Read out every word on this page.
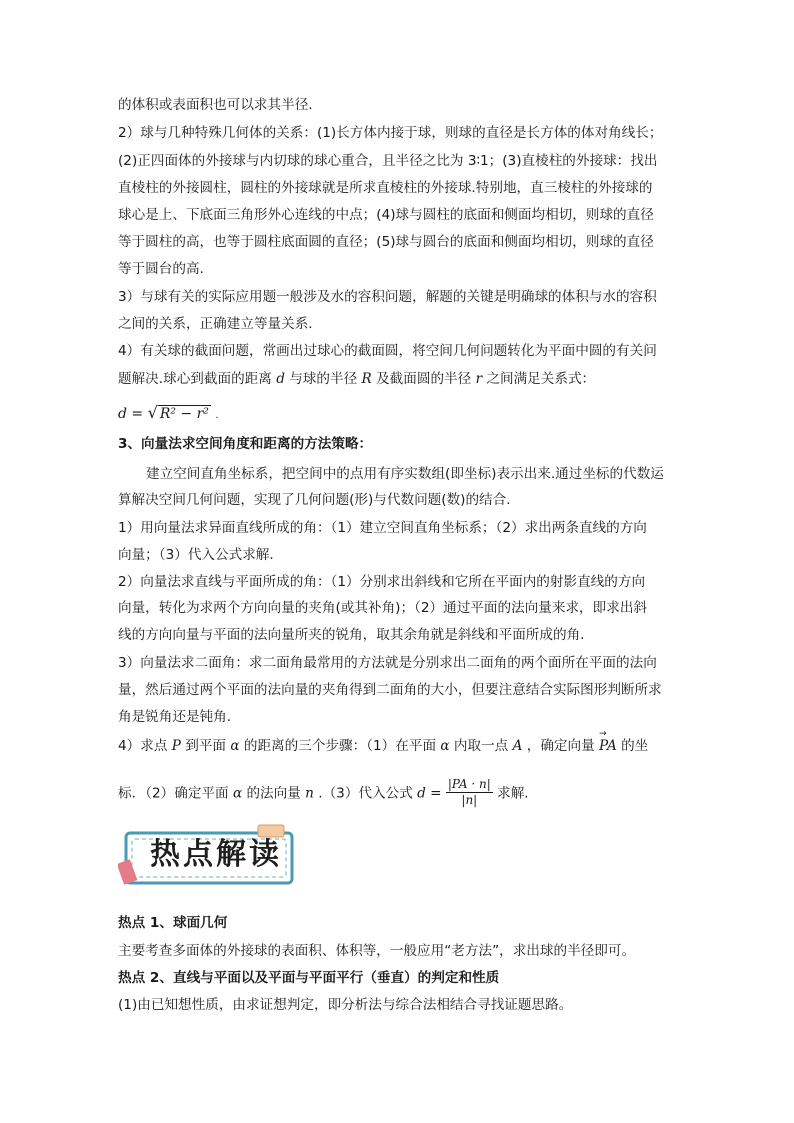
的体积或表面积也可以求其半径.
2）球与几种特殊几何体的关系：(1)长方体内接于球，则球的直径是长方体的体对角线长；
(2)正四面体的外接球与内切球的球心重合，且半径之比为 3∶1；(3)直棱柱的外接球：找出
直棱柱的外接圆柱，圆柱的外接球就是所求直棱柱的外接球.特别地，直三棱柱的外接球的
球心是上、下底面三角形外心连线的中点；(4)球与圆柱的底面和侧面均相切，则球的直径
等于圆柱的高，也等于圆柱底面圆的直径；(5)球与圆台的底面和侧面均相切，则球的直径
等于圆台的高.
3）与球有关的实际应用题一般涉及水的容积问题，解题的关键是明确球的体积与水的容积
之间的关系，正确建立等量关系.
4）有关球的截面问题，常画出过球心的截面圆，将空间几何问题转化为平面中圆的有关问
题解决.球心到截面的距离 d 与球的半径 R 及截面圆的半径 r 之间满足关系式：
d = √ R² − r² .
3、向量法求空间角度和距离的方法策略：
建立空间直角坐标系，把空间中的点用有序实数组(即坐标)表示出来.通过坐标的代数运
算解决空间几何问题，实现了几何问题(形)与代数问题(数)的结合.
1）用向量法求异面直线所成的角：（1）建立空间直角坐标系；（2）求出两条直线的方向
向量；（3）代入公式求解.
2）向量法求直线与平面所成的角：（1）分别求出斜线和它所在平面内的射影直线的方向
向量，转化为求两个方向向量的夹角(或其补角)；（2）通过平面的法向量来求，即求出斜
线的方向向量与平面的法向量所夹的锐角，取其余角就是斜线和平面所成的角.
3）向量法求二面角：求二面角最常用的方法就是分别求出二面角的两个面所在平面的法向
量，然后通过两个平面的法向量的夹角得到二面角的大小，但要注意结合实际图形判断所求
角是锐角还是钝角.
4）求点 P 到平面 α 的距离的三个步骤：（1）在平面 α 内取一点 A ，确定向量
→
PA 的坐
标．（2）确定平面 α 的法向量 n .（3）代入公式 $d = \frac{|PA \cdot n|}{|n|}$ 求解.
热点解读
热点 1、球面几何
主要考查多面体的外接球的表面积、体积等，一般应用“老方法”，求出球的半径即可。
热点 2、直线与平面以及平面与平面平行（垂直）的判定和性质
(1)由已知想性质，由求证想判定，即分析法与综合法相结合寻找证题思路。
